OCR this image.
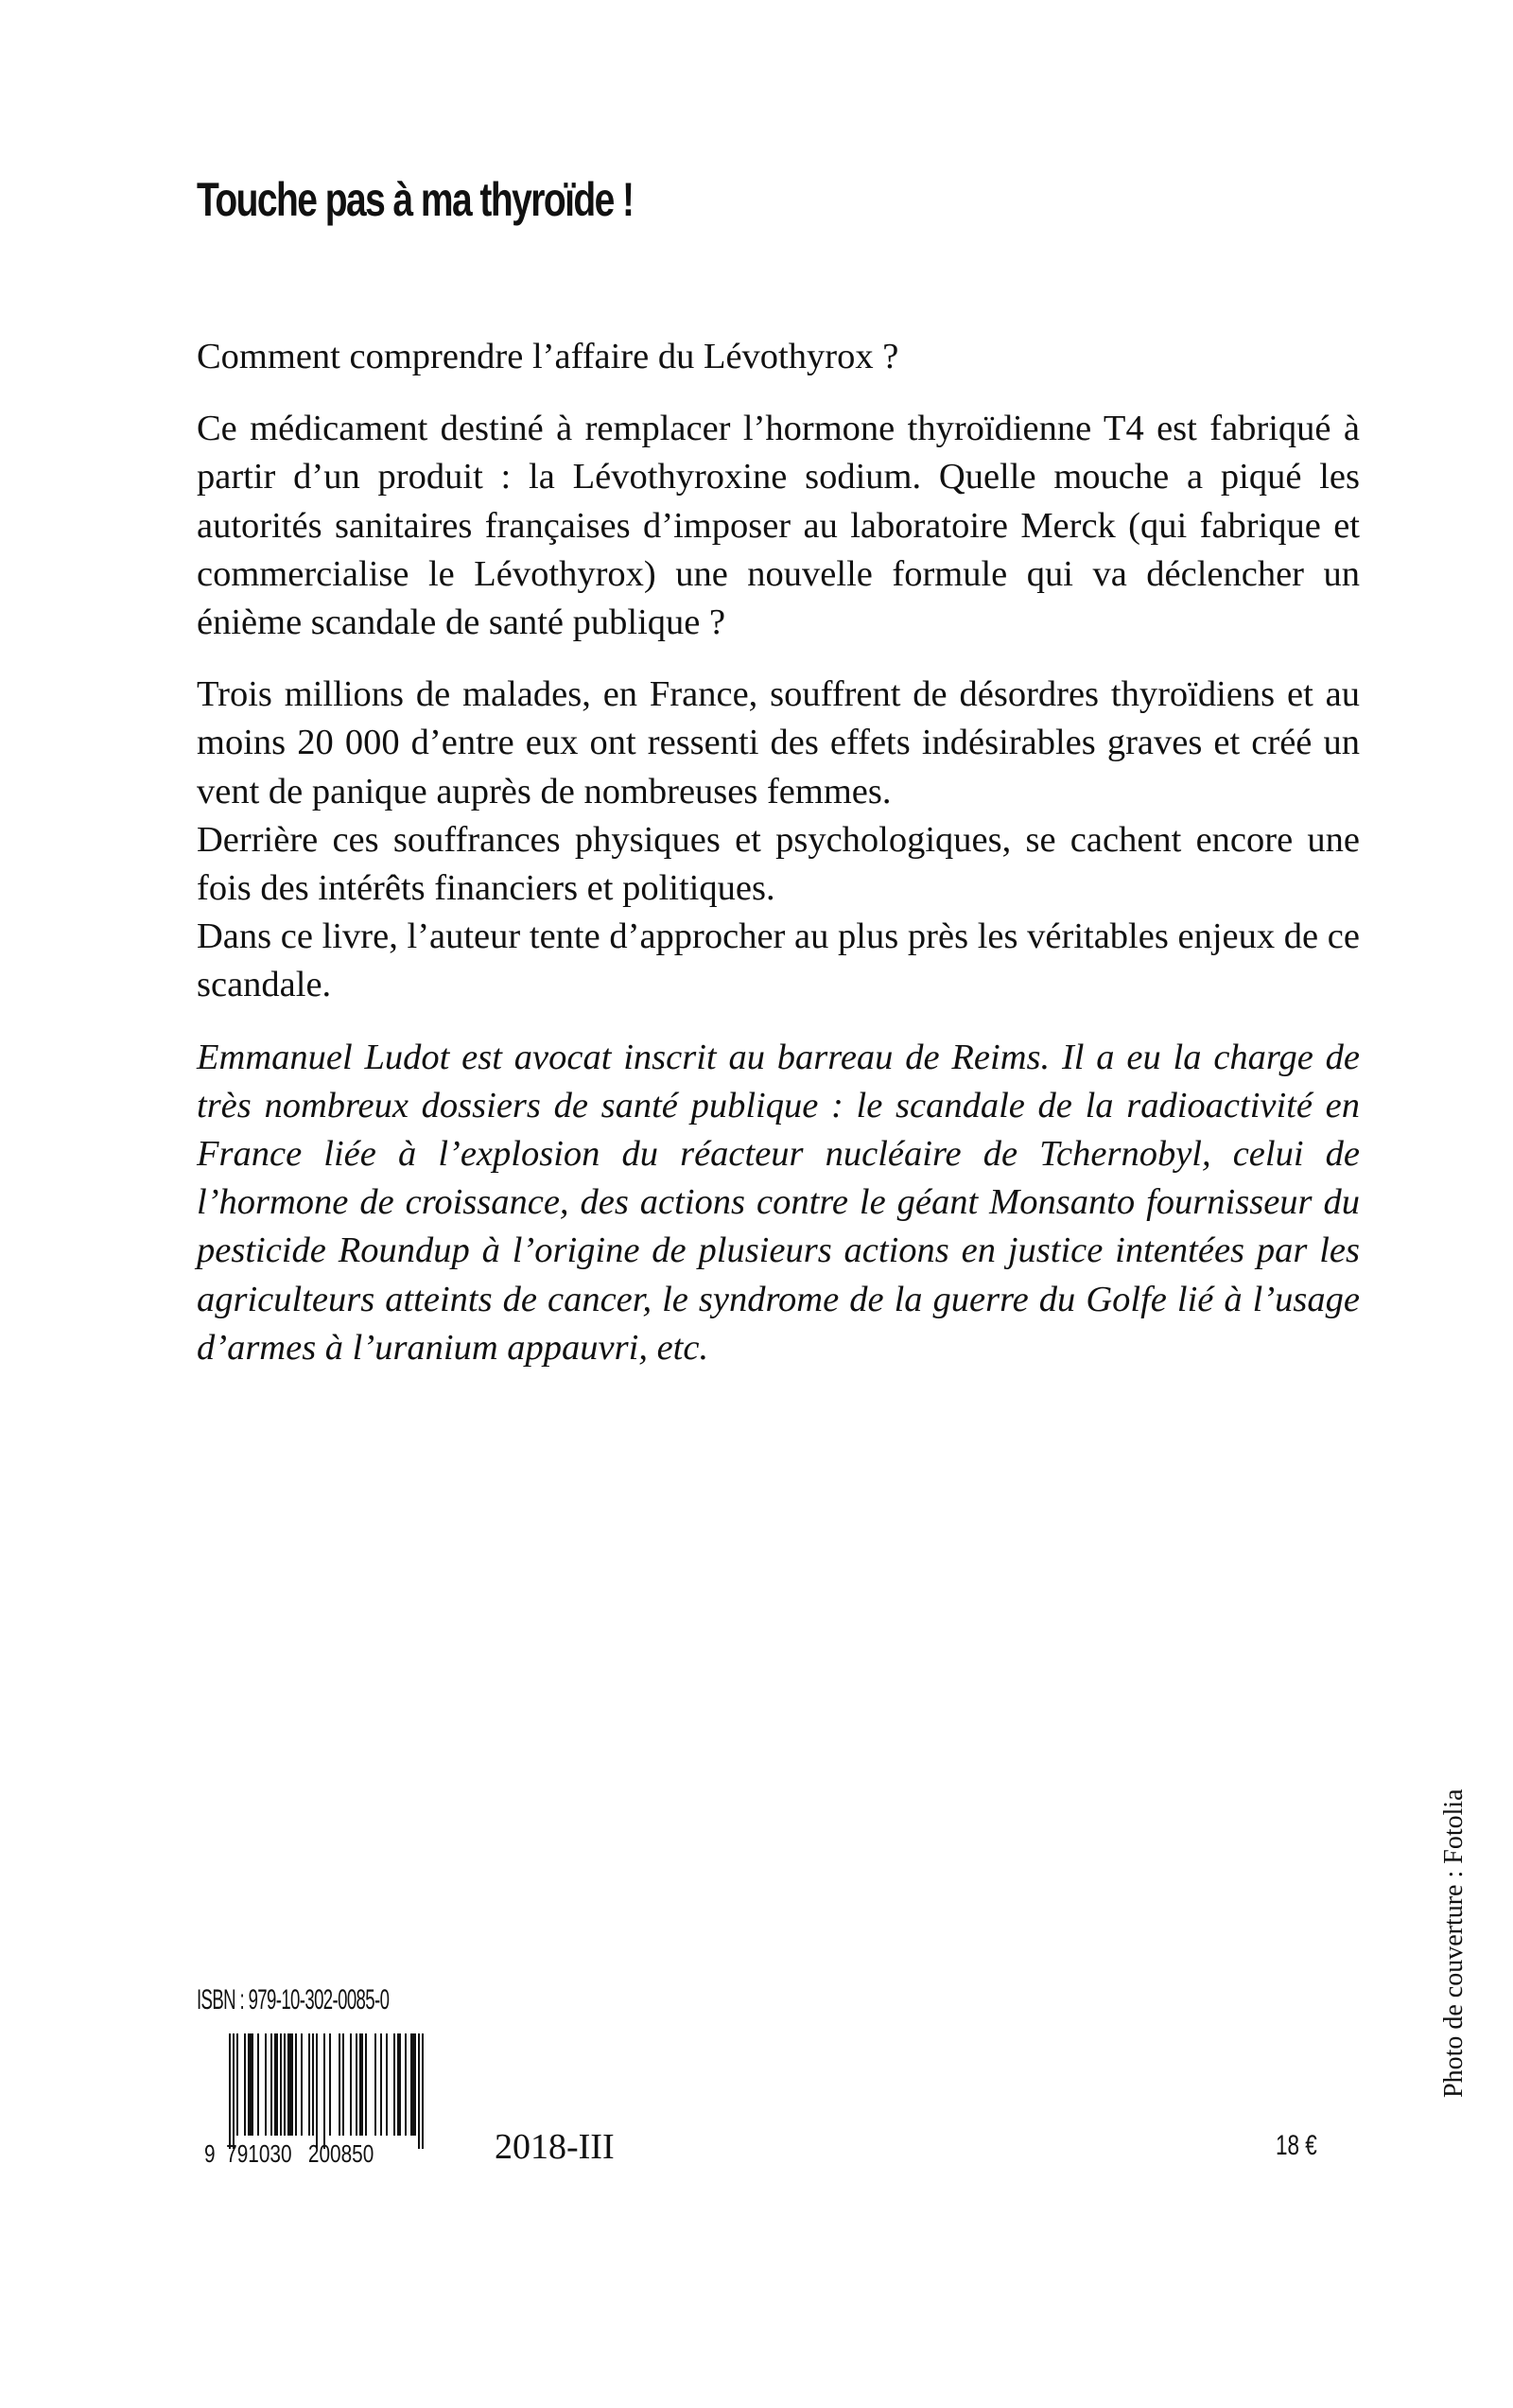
Touche pas à ma thyroïde !

Comment comprendre l’affaire du Lévothyrox ?

Ce médicament destiné à remplacer l’hormone thyroïdienne T4 est fabriqué à partir d’un produit : la Lévothyroxine sodium. Quelle mouche a piqué les autorités sanitaires françaises d’imposer au laboratoire Merck (qui fabrique et commercialise le Lévothyrox) une nouvelle formule qui va déclencher un énième scandale de santé publique ?

Trois millions de malades, en France, souffrent de désordres thyroïdiens et au moins 20 000 d’entre eux ont ressenti des effets indésirables graves et créé un vent de panique auprès de nombreuses femmes.

Derrière ces souffrances physiques et psychologiques, se cachent encore une fois des intérêts financiers et politiques.

Dans ce livre, l’auteur tente d’approcher au plus près les véritables enjeux de ce scandale.

Emmanuel Ludot est avocat inscrit au barreau de Reims. Il a eu la charge de très nombreux dossiers de santé publique : le scandale de la radioactivité en France liée à l’explosion du réacteur nucléaire de Tchernobyl, celui de l’hormone de croissance, des actions contre le géant Monsanto fournisseur du pesticide Roundup à l’origine de plusieurs actions en justice intentées par les agriculteurs atteints de cancer, le syndrome de la guerre du Golfe lié à l’usage d’armes à l’uranium appauvri, etc.

ISBN : 979-10-302-0085-0
9  791030   200850	2018-III	18 €
Photo de couverture : Fotolia
